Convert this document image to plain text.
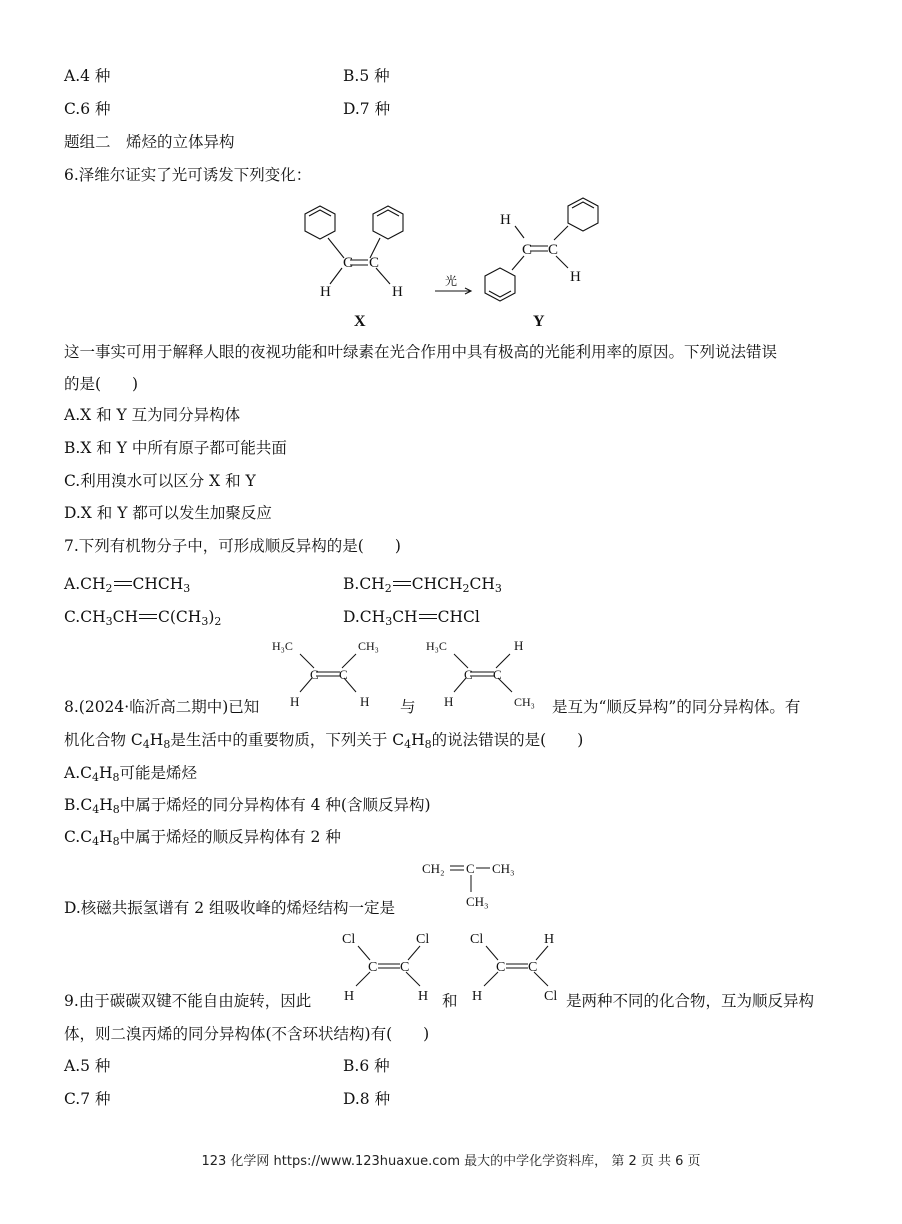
A.4 种	B.5 种
C.6 种	D.7 种
题组二　烯烃的立体异构
6.泽维尔证实了光可诱发下列变化：
C C
H	H
光
H
C C
H
X	Y
这一事实可用于解释人眼的夜视功能和叶绿素在光合作用中具有极高的光能利用率的原因。下列说法错误
的是(　　)
A.X 和 Y 互为同分异构体
B.X 和 Y 中所有原子都可能共面
C.利用溴水可以区分 X 和 Y
D.X 和 Y 都可以发生加聚反应
7.下列有机物分子中，可形成顺反异构的是(　　)
$A.CH_2$ $CHCH_3$	$B.CH_2$ $CHCH_2CH_3$
$C.CH_3CH$ $C(CH_3)_2$	$D.CH_3CH$ CHCl
8.(2024·临沂高二期中)已知
H₃C	CH₃
C C
H	H 与
H₃C	H
C C
H	CH₃ 是互为“顺反异构”的同分异构体。有
机化合物 $C_4H_8$是生活中的重要物质，下列关于 $C_4H_8$的说法错误的是(　　)
$A.C_4H_8$可能是烯烃
$B.C_4H_8$中属于烯烃的同分异构体有 4 种(含顺反异构)
$C.C_4H_8$中属于烯烃的顺反异构体有 2 种
CH₂ C CH₃
CH₃
D.核磁共振氢谱有 2 组吸收峰的烯烃结构一定是
9.由于碳碳双键不能自由旋转，因此
Cl	Cl
C C
H	H 和
Cl	H
C C
H	Cl 是两种不同的化合物，互为顺反异构
体，则二溴丙烯的同分异构体(不含环状结构)有(　　)
A.5 种	B.6 种
C.7 种	D.8 种
123 化学网 https://www.123huaxue.com 最大的中学化学资料库， 第 2 页 共 6 页
